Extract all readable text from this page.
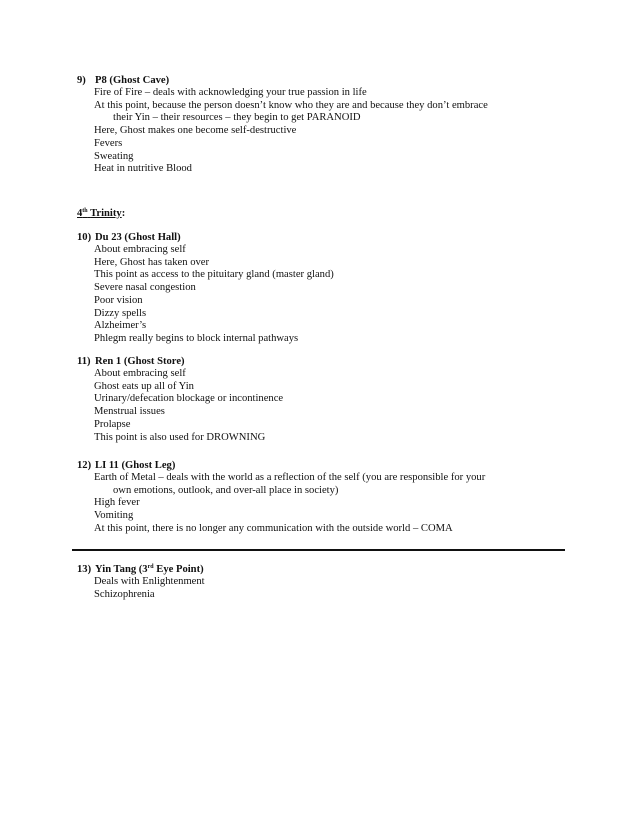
9) P8 (Ghost Cave)
Fire of Fire – deals with acknowledging your true passion in life
At this point, because the person doesn’t know who they are and because they don’t embrace
their Yin – their resources – they begin to get PARANOID
Here, Ghost makes one become self-destructive
Fevers
Sweating
Heat in nutritive Blood
4th Trinity:
10) Du 23 (Ghost Hall)
About embracing self
Here, Ghost has taken over
This point as access to the pituitary gland (master gland)
Severe nasal congestion
Poor vision
Dizzy spells
Alzheimer’s
Phlegm really begins to block internal pathways
11) Ren 1 (Ghost Store)
About embracing self
Ghost eats up all of Yin
Urinary/defecation blockage or incontinence
Menstrual issues
Prolapse
This point is also used for DROWNING
12) LI 11 (Ghost Leg)
Earth of Metal – deals with the world as a reflection of the self (you are responsible for your
own emotions, outlook, and over-all place in society)
High fever
Vomiting
At this point, there is no longer any communication with the outside world – COMA
13) Yin Tang (3rd Eye Point)
Deals with Enlightenment
Schizophrenia
